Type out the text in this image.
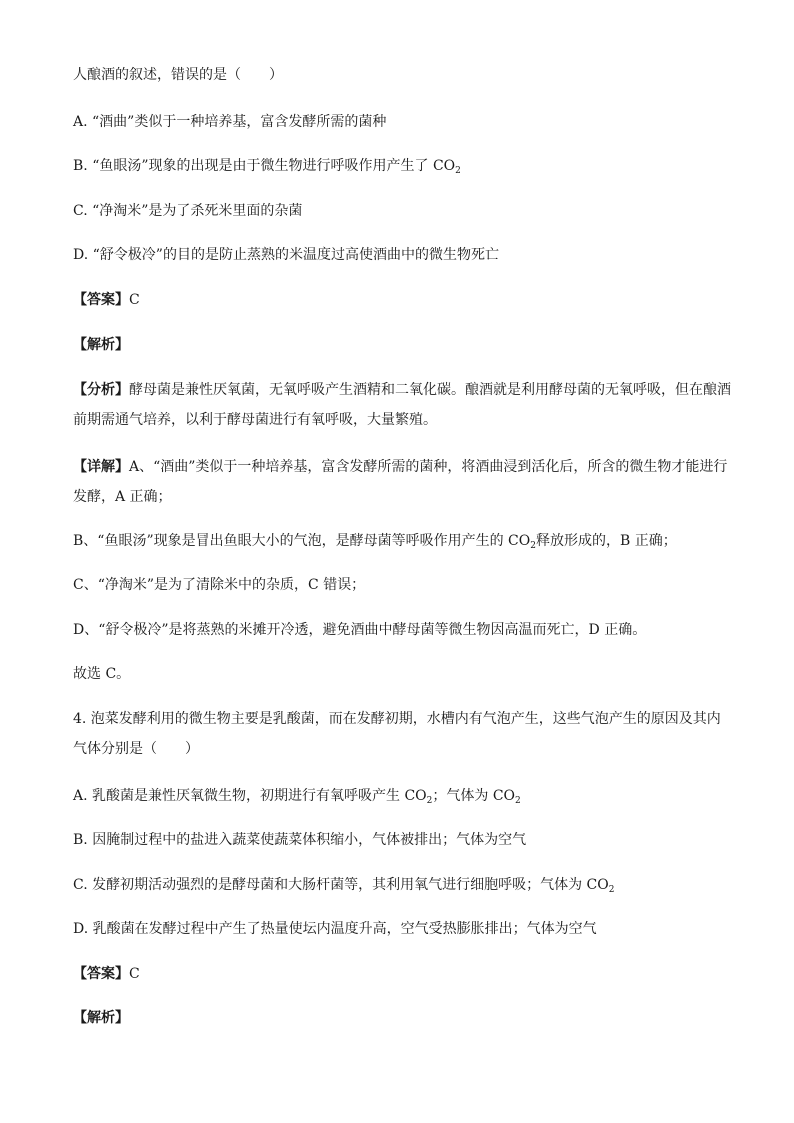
人酿酒的叙述，错误的是（　　）
A. “酒曲”类似于一种培养基，富含发酵所需的菌种
B. “鱼眼汤”现象的出现是由于微生物进行呼吸作用产生了 $CO_2$
C. “净淘米”是为了杀死米里面的杂菌
D. “舒令极冷”的目的是防止蒸熟的米温度过高使酒曲中的微生物死亡
【答案】C
【解析】
【分析】酵母菌是兼性厌氧菌，无氧呼吸产生酒精和二氧化碳。酿酒就是利用酵母菌的无氧呼吸，但在酿酒前期需通气培养，以利于酵母菌进行有氧呼吸，大量繁殖。
【详解】A、“酒曲”类似于一种培养基，富含发酵所需的菌种，将酒曲浸到活化后，所含的微生物才能进行发酵，A 正确；
B、“鱼眼汤”现象是冒出鱼眼大小的气泡，是酵母菌等呼吸作用产生的 $CO_2$释放形成的，B 正确；
C、“净淘米”是为了清除米中的杂质，C 错误；
D、“舒令极冷”是将蒸熟的米摊开冷透，避免酒曲中酵母菌等微生物因高温而死亡，D 正确。
故选 C。
4. 泡菜发酵利用的微生物主要是乳酸菌，而在发酵初期，水槽内有气泡产生，这些气泡产生的原因及其内气体分别是（　　）
A. 乳酸菌是兼性厌氧微生物，初期进行有氧呼吸产生 $CO_2$；气体为 $CO_2$
B. 因腌制过程中的盐进入蔬菜使蔬菜体积缩小，气体被排出；气体为空气
C. 发酵初期活动强烈的是酵母菌和大肠杆菌等，其利用氧气进行细胞呼吸；气体为 $CO_2$
D. 乳酸菌在发酵过程中产生了热量使坛内温度升高，空气受热膨胀排出；气体为空气
【答案】C
【解析】
